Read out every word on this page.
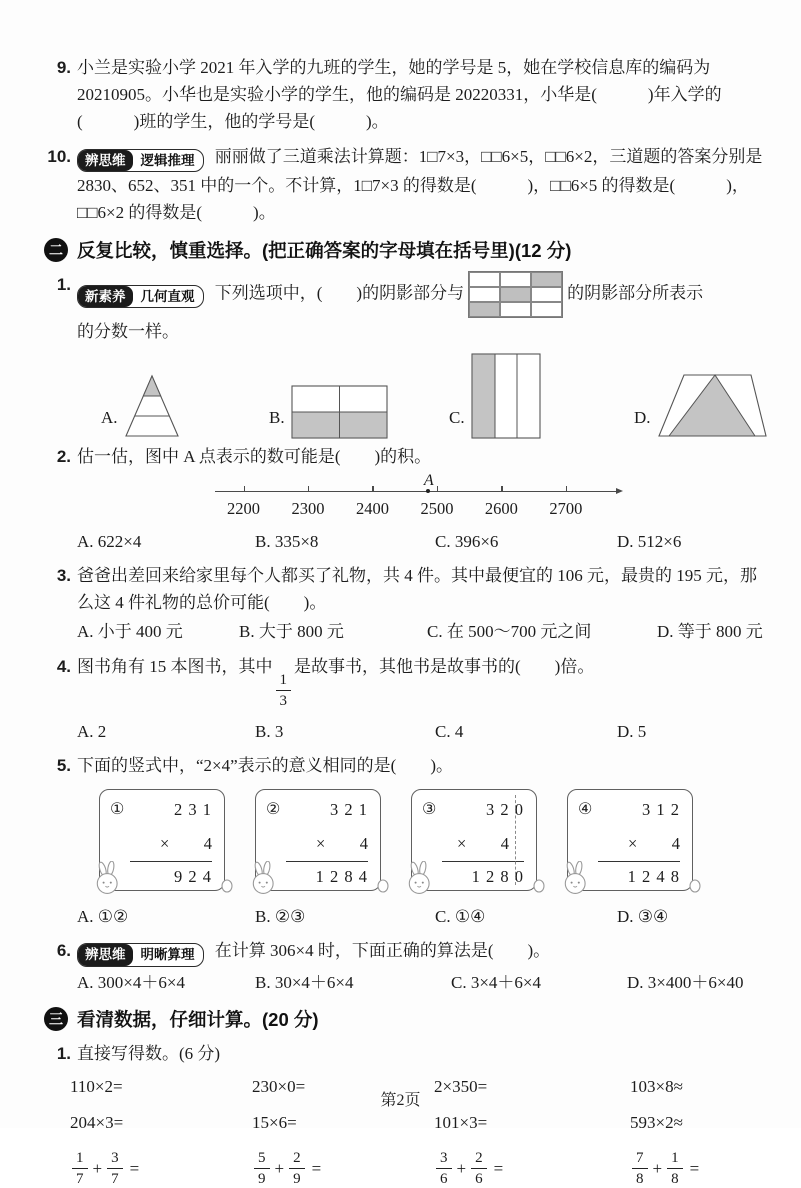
9. 小兰是实验小学 2021 年入学的九班的学生，她的学号是 5，她在学校信息库的编码为 20210905。小华也是实验小学的学生，他的编码是 20220331，小华是(　　　)年入学的(　　　)班的学生，他的学号是(　　　)。
10.	辨思维	逻辑推理	丽丽做了三道乘法计算题：1□7×3，□□6×5，□□6×2，三道题的答案分别是 2830、652、351 中的一个。不计算，1□7×3 的得数是(　　　)，□□6×5 的得数是(　　　)，□□6×2 的得数是(　　　)。
二 反复比较，慎重选择。(把正确答案的字母填在括号里)(12 分)
1.
新素养	几何直观	下列选项中，(　　)的阴影部分与	的阴影部分所表示
的分数一样。
A.	B.	C.	D.
2. 估一估，图中 A 点表示的数可能是(　　)的积。
2200 2300 2400 2500 2600 2700
A
A. 622×4	B. 335×8	C. 396×6	D. 512×6
3. 爸爸出差回来给家里每个人都买了礼物，共 4 件。其中最便宜的 106 元，最贵的 195 元，那么这 4 件礼物的总价可能(　　)。
A. 小于 400 元	B. 大于 800 元	C. 在 500～700 元之间	D. 等于 800 元
4. 图书角有 15 本图书，其中
$\frac{1}{3}$
是故事书，其他书是故事书的(　　)倍。
A. 2	B. 3	C. 4	D. 5
5. 下面的竖式中，“2×4”表示的意义相同的是(　　)。
①	2 3 1
× 4
9 2 4
②	3 2 1
× 4
1 2 8 4
③	3 2 0
× 4
1 2 8 0
④	3 1 2
× 4
1 2 4 8
A. ①②	B. ②③	C. ①④	D. ③④
6.	辨思维	明晰算理	在计算 306×4 时，下面正确的算法是(　　)。
A. 300×4＋6×4	B. 30×4＋6×4	C. 3×4＋6×4	D. 3×400＋6×40
三 看清数据，仔细计算。(20 分)
1. 直接写得数。(6 分)
110×2=	230×0=	2×350=	103×8≈
204×3=	15×6=	101×3=	593×2≈
1
7
+ $\frac{3}{7}$ =
5
9
+ $\frac{2}{9}$ =
3
6
+ $\frac{2}{6}$ =
7
8
+ $\frac{1}{8}$ =
第2页
